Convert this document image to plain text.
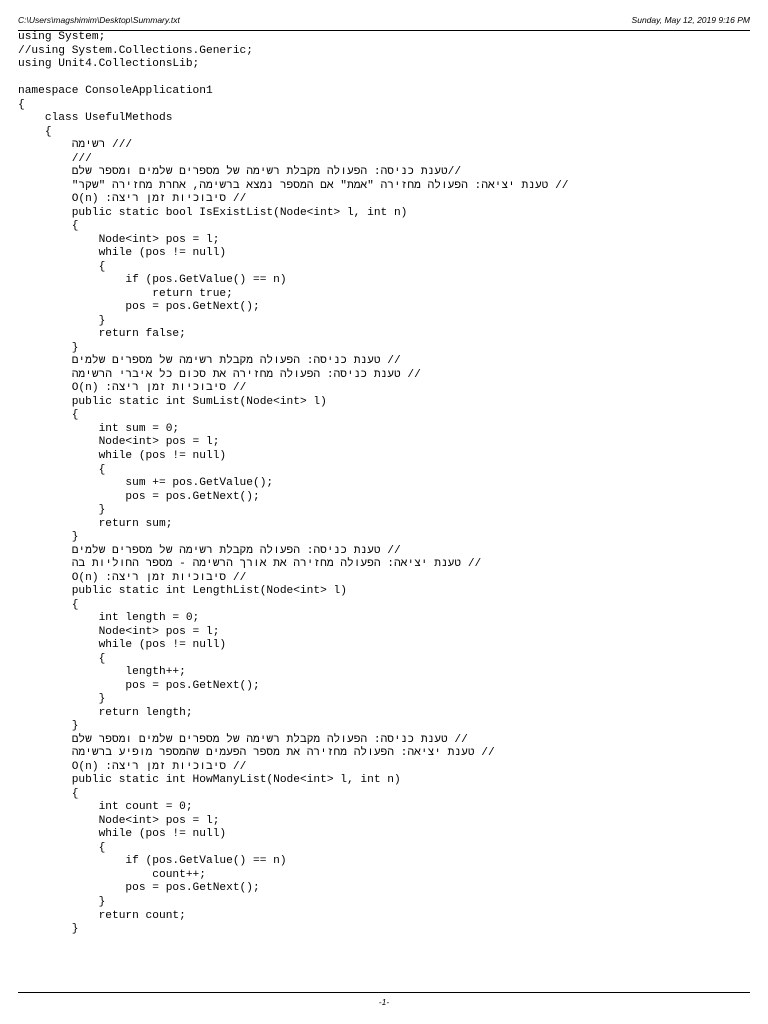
C:\Users\magshimim\Desktop\Summary.txt	Sunday, May 12, 2019 9:16 PM
using System;
//using System.Collections.Generic;
using Unit4.CollectionsLib;
namespace ConsoleApplication1
{
class UsefulMethods
{
/// רשימה
///
//טענת כניסה: הפעולה מקבלת רשימה של מספרים שלמים ומספר שלם
// טענת יציאה: הפעולה מחזירה "אמת" אם המספר נמצא ברשימה, אחרת מחזירה "שקר"
// סיבוכיות זמן ריצה: O(n)
public static bool IsExistList(Node<int> l, int n)
{
Node<int> pos = l;
while (pos != null)
{
if (pos.GetValue() == n)
return true;
pos = pos.GetNext();
}
return false;
}
// טענת כניסה: הפעולה מקבלת רשימה של מספרים שלמים
// טענת כניסה: הפעולה מחזירה את סכום כל איברי הרשימה
// סיבוכיות זמן ריצה: O(n)
public static int SumList(Node<int> l)
{
int sum = 0;
Node<int> pos = l;
while (pos != null)
{
sum += pos.GetValue();
pos = pos.GetNext();
}
return sum;
}
// טענת כניסה: הפעולה מקבלת רשימה של מספרים שלמים
// טענת יציאה: הפעולה מחזירה את אורך הרשימה - מספר החוליות בה
// סיבוכיות זמן ריצה: O(n)
public static int LengthList(Node<int> l)
{
int length = 0;
Node<int> pos = l;
while (pos != null)
{
length++;
pos = pos.GetNext();
}
return length;
}
// טענת כניסה: הפעולה מקבלת רשימה של מספרים שלמים ומספר שלם
// טענת יציאה: הפעולה מחזירה את מספר הפעמים שהמספר מופיע ברשימה
// סיבוכיות זמן ריצה: O(n)
public static int HowManyList(Node<int> l, int n)
{
int count = 0;
Node<int> pos = l;
while (pos != null)
{
if (pos.GetValue() == n)
count++;
pos = pos.GetNext();
}
return count;
}
-1-
